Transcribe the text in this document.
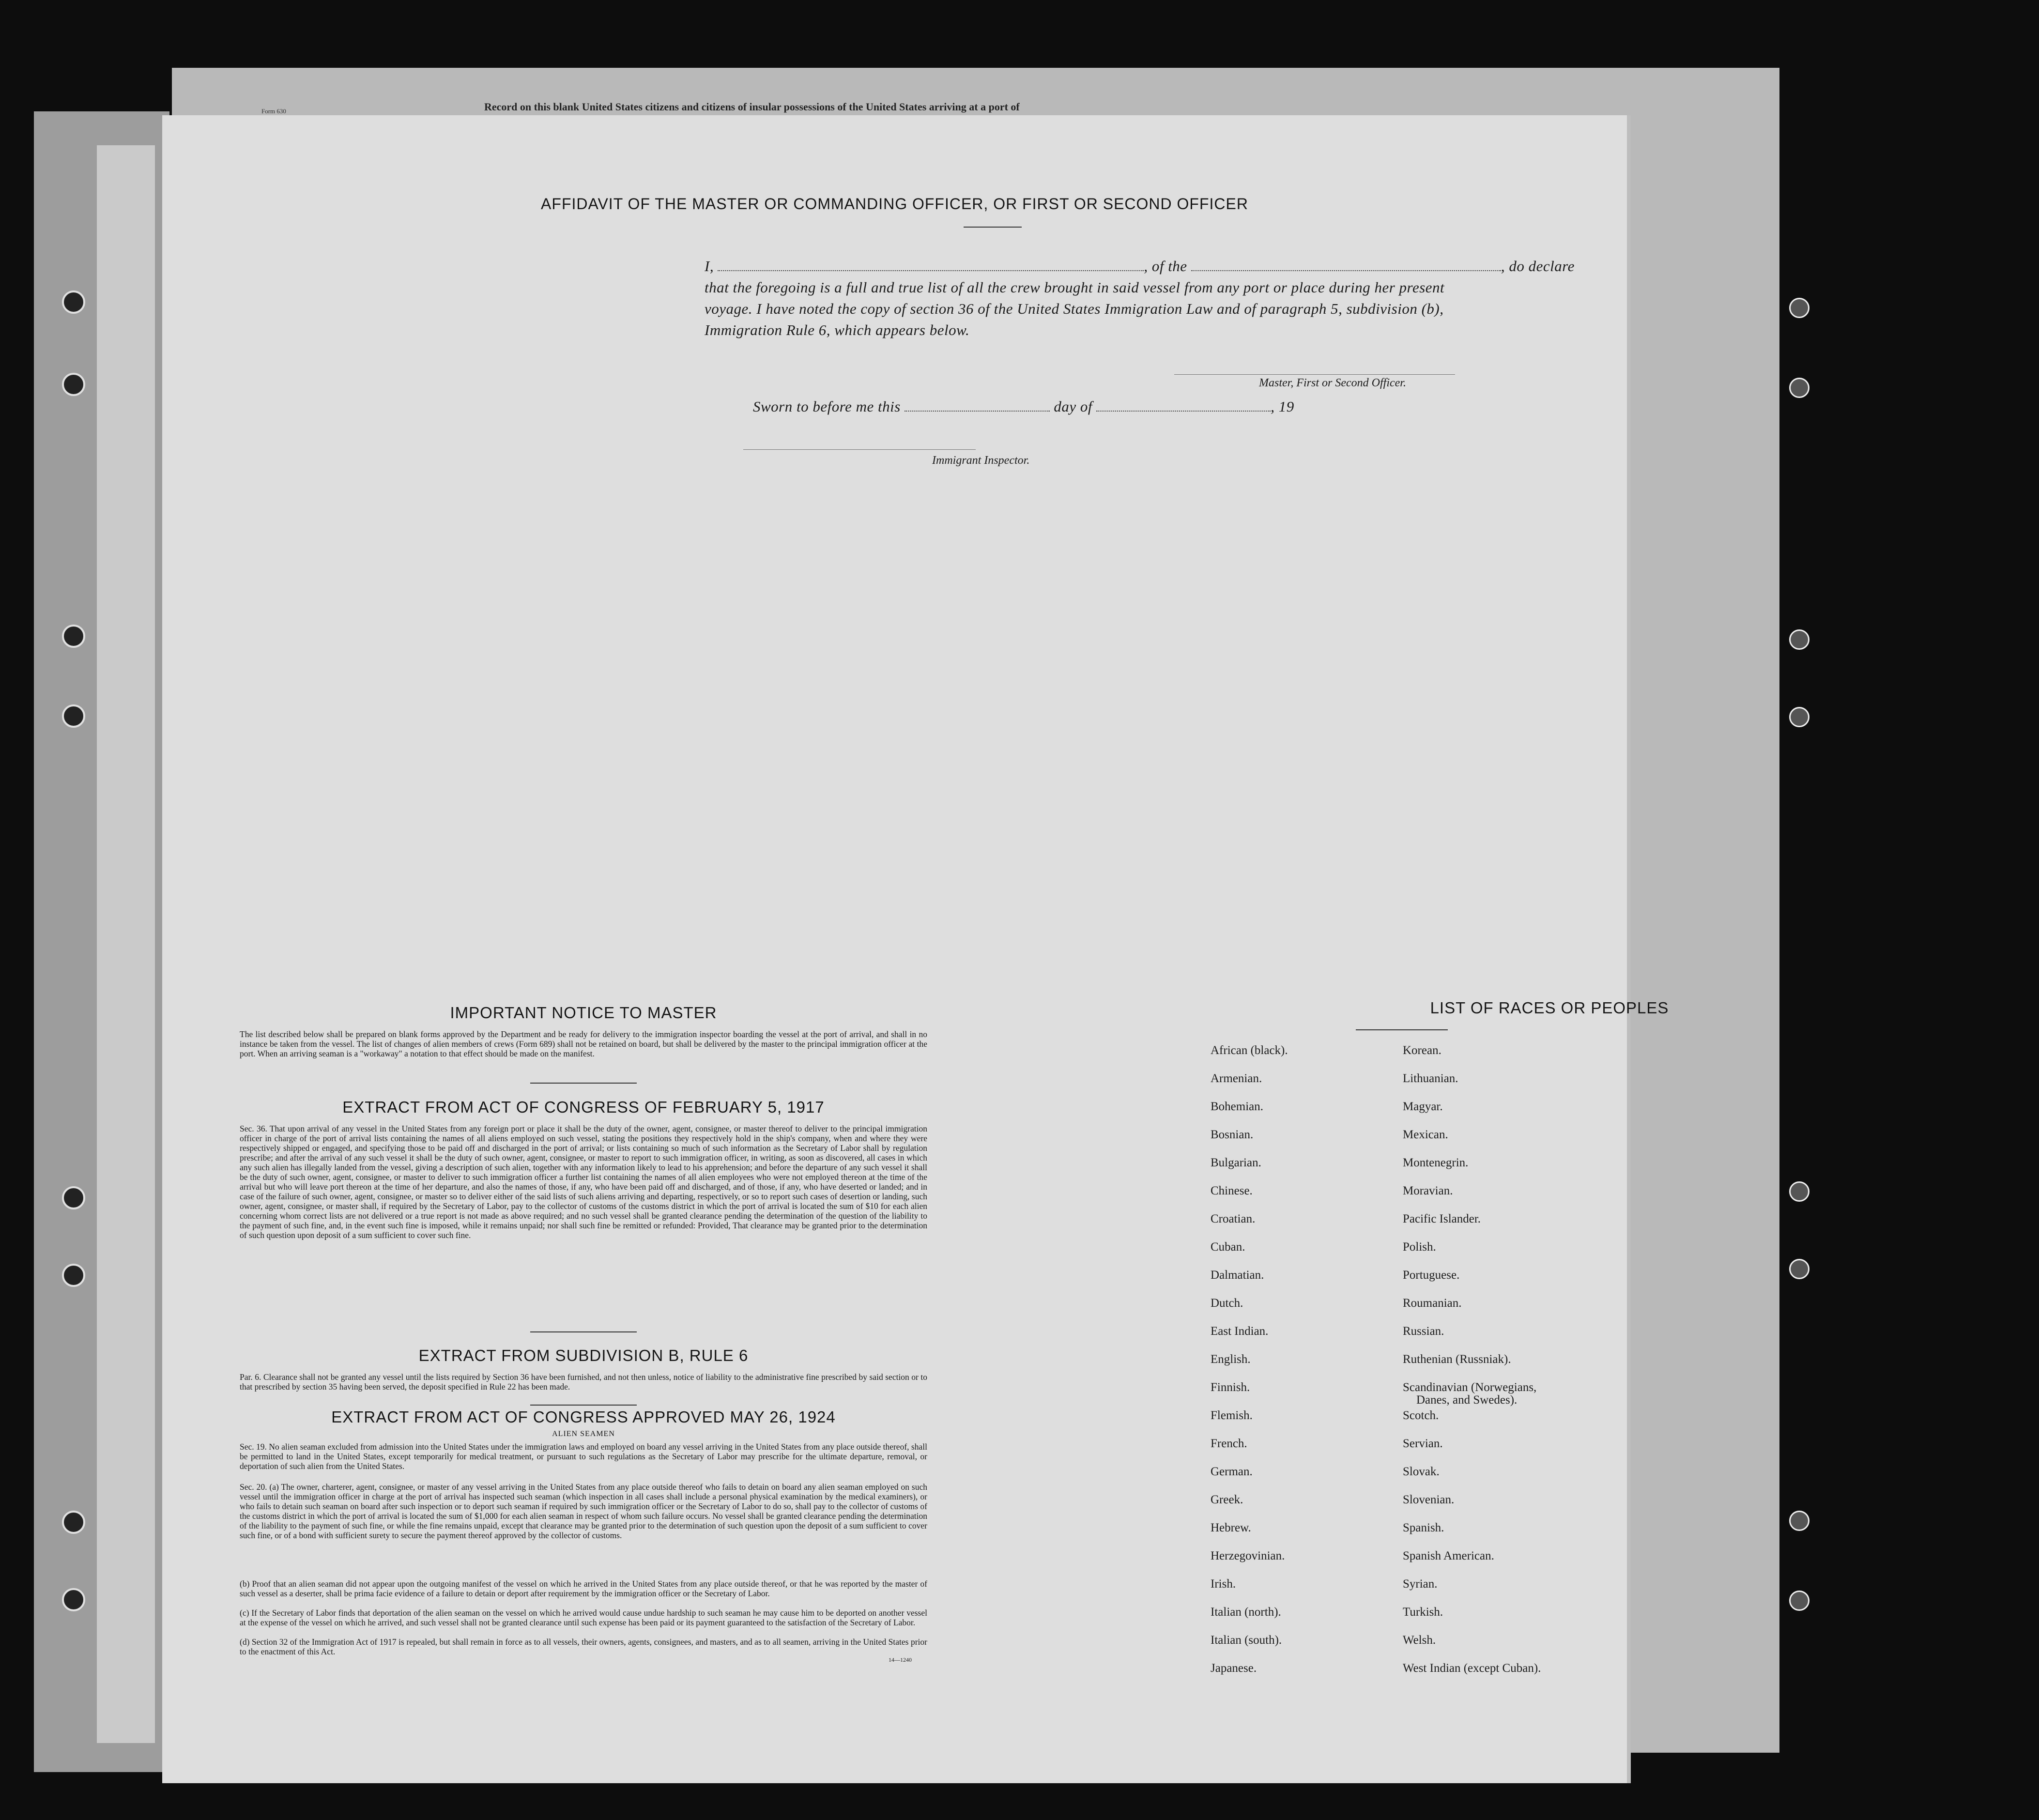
Form 630	Record on this blank United States citizens and citizens of insular possessions of the United States arriving at a port of
AFFIDAVIT OF THE MASTER OR COMMANDING OFFICER, OR FIRST OR SECOND OFFICER
I,	, of the	, do declare
that the foregoing is a full and true list of all the crew brought in said vessel from any port or place during her present
voyage. I have noted the copy of section 36 of the United States Immigration Law and of paragraph 5, subdivision (b),
Immigration Rule 6, which appears below.
Master, First or Second Officer.
Sworn to before me this	day of	, 19
Immigrant Inspector.
IMPORTANT NOTICE TO MASTER
The list described below shall be prepared on blank forms approved by the Department and be ready for delivery to the immigration inspector boarding the vessel at the port of arrival, and shall in no instance be taken from the vessel. The list of changes of alien members of crews (Form 689) shall not be retained on board, but shall be delivered by the master to the principal immigration officer at the port. When an arriving seaman is a "workaway" a notation to that effect should be made on the manifest.
EXTRACT FROM ACT OF CONGRESS OF FEBRUARY 5, 1917
Sec. 36. That upon arrival of any vessel in the United States from any foreign port or place it shall be the duty of the owner, agent, consignee, or master thereof to deliver to the principal immigration officer in charge of the port of arrival lists containing the names of all aliens employed on such vessel, stating the positions they respectively hold in the ship's company, when and where they were respectively shipped or engaged, and specifying those to be paid off and discharged in the port of arrival; or lists containing so much of such information as the Secretary of Labor shall by regulation prescribe; and after the arrival of any such vessel it shall be the duty of such owner, agent, consignee, or master to report to such immigration officer, in writing, as soon as discovered, all cases in which any such alien has illegally landed from the vessel, giving a description of such alien, together with any information likely to lead to his apprehension; and before the departure of any such vessel it shall be the duty of such owner, agent, consignee, or master to deliver to such immigration officer a further list containing the names of all alien employees who were not employed thereon at the time of the arrival but who will leave port thereon at the time of her departure, and also the names of those, if any, who have been paid off and discharged, and of those, if any, who have deserted or landed; and in case of the failure of such owner, agent, consignee, or master so to deliver either of the said lists of such aliens arriving and departing, respectively, or so to report such cases of desertion or landing, such owner, agent, consignee, or master shall, if required by the Secretary of Labor, pay to the collector of customs of the customs district in which the port of arrival is located the sum of $10 for each alien concerning whom correct lists are not delivered or a true report is not made as above required; and no such vessel shall be granted clearance pending the determination of the question of the liability to the payment of such fine, and, in the event such fine is imposed, while it remains unpaid; nor shall such fine be remitted or refunded: Provided, That clearance may be granted prior to the determination of such question upon deposit of a sum sufficient to cover such fine.
EXTRACT FROM SUBDIVISION B, RULE 6
Par. 6. Clearance shall not be granted any vessel until the lists required by Section 36 have been furnished, and not then unless, notice of liability to the administrative fine prescribed by said section or to that prescribed by section 35 having been served, the deposit specified in Rule 22 has been made.
EXTRACT FROM ACT OF CONGRESS APPROVED MAY 26, 1924
ALIEN SEAMEN
Sec. 19. No alien seaman excluded from admission into the United States under the immigration laws and employed on board any vessel arriving in the United States from any place outside thereof, shall be permitted to land in the United States, except temporarily for medical treatment, or pursuant to such regulations as the Secretary of Labor may prescribe for the ultimate departure, removal, or deportation of such alien from the United States.
Sec. 20. (a) The owner, charterer, agent, consignee, or master of any vessel arriving in the United States from any place outside thereof who fails to detain on board any alien seaman employed on such vessel until the immigration officer in charge at the port of arrival has inspected such seaman (which inspection in all cases shall include a personal physical examination by the medical examiners), or who fails to detain such seaman on board after such inspection or to deport such seaman if required by such immigration officer or the Secretary of Labor to do so, shall pay to the collector of customs of the customs district in which the port of arrival is located the sum of $1,000 for each alien seaman in respect of whom such failure occurs. No vessel shall be granted clearance pending the determination of the liability to the payment of such fine, or while the fine remains unpaid, except that clearance may be granted prior to the determination of such question upon the deposit of a sum sufficient to cover such fine, or of a bond with sufficient surety to secure the payment thereof approved by the collector of customs.
(b) Proof that an alien seaman did not appear upon the outgoing manifest of the vessel on which he arrived in the United States from any place outside thereof, or that he was reported by the master of such vessel as a deserter, shall be prima facie evidence of a failure to detain or deport after requirement by the immigration officer or the Secretary of Labor.
(c) If the Secretary of Labor finds that deportation of the alien seaman on the vessel on which he arrived would cause undue hardship to such seaman he may cause him to be deported on another vessel at the expense of the vessel on which he arrived, and such vessel shall not be granted clearance until such expense has been paid or its payment guaranteed to the satisfaction of the Secretary of Labor.
(d) Section 32 of the Immigration Act of 1917 is repealed, but shall remain in force as to all vessels, their owners, agents, consignees, and masters, and as to all seamen, arriving in the United States prior to the enactment of this Act.
14—1240
LIST OF RACES OR PEOPLES
African (black).
Armenian.
Bohemian.
Bosnian.
Bulgarian.
Chinese.
Croatian.
Cuban.
Dalmatian.
Dutch.
East Indian.
English.
Finnish.
Flemish.
French.
German.
Greek.
Hebrew.
Herzegovinian.
Irish.
Italian (north).
Italian (south).
Japanese.
Korean.
Lithuanian.
Magyar.
Mexican.
Montenegrin.
Moravian.
Pacific Islander.
Polish.
Portuguese.
Roumanian.
Russian.
Ruthenian (Russniak).
Scandinavian (Norwegians,
Danes, and Swedes).
Scotch.
Servian.
Slovak.
Slovenian.
Spanish.
Spanish American.
Syrian.
Turkish.
Welsh.
West Indian (except Cuban).
